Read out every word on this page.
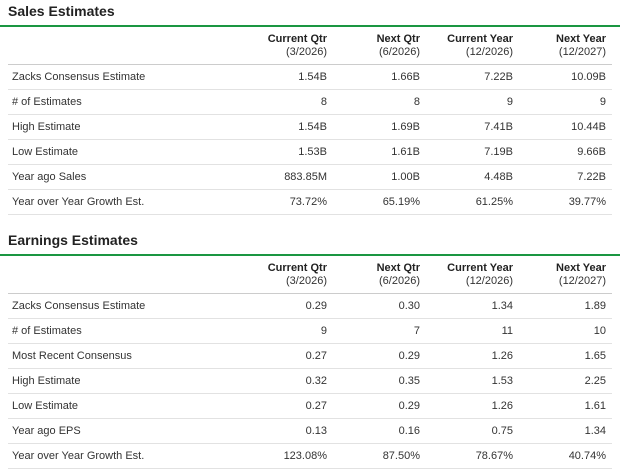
Sales Estimates
	Current Qtr	Next Qtr	Current Year	Next Year
	(3/2026)	(6/2026)	(12/2026)	(12/2027)
Zacks Consensus Estimate	1.54B	1.66B	7.22B	10.09B
# of Estimates	8	8	9	9
High Estimate	1.54B	1.69B	7.41B	10.44B
Low Estimate	1.53B	1.61B	7.19B	9.66B
Year ago Sales	883.85M	1.00B	4.48B	7.22B
Year over Year Growth Est.	73.72%	65.19%	61.25%	39.77%
Earnings Estimates
	Current Qtr	Next Qtr	Current Year	Next Year
	(3/2026)	(6/2026)	(12/2026)	(12/2027)
Zacks Consensus Estimate	0.29	0.30	1.34	1.89
# of Estimates	9	7	11	10
Most Recent Consensus	0.27	0.29	1.26	1.65
High Estimate	0.32	0.35	1.53	2.25
Low Estimate	0.27	0.29	1.26	1.61
Year ago EPS	0.13	0.16	0.75	1.34
Year over Year Growth Est.	123.08%	87.50%	78.67%	40.74%
